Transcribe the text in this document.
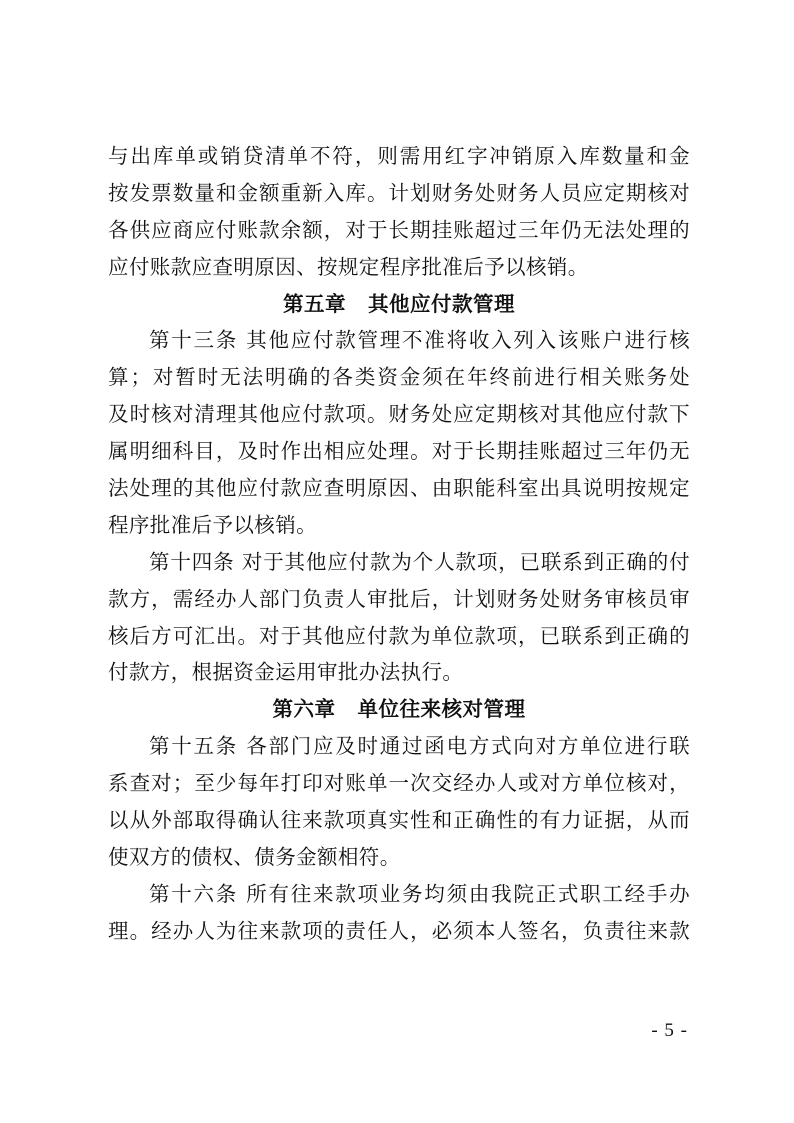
与出库单或销贷清单不符，则需用红字冲销原入库数量和金
按发票数量和金额重新入库。计划财务处财务人员应定期核对
各供应商应付账款余额，对于长期挂账超过三年仍无法处理的
应付账款应查明原因、按规定程序批准后予以核销。
第五章 其他应付款管理
第十三条 其他应付款管理不准将收入列入该账户进行核
算；对暂时无法明确的各类资金须在年终前进行相关账务处
及时核对清理其他应付款项。财务处应定期核对其他应付款下
属明细科目，及时作出相应处理。对于长期挂账超过三年仍无
法处理的其他应付款应查明原因、由职能科室出具说明按规定
程序批准后予以核销。
第十四条 对于其他应付款为个人款项，已联系到正确的付
款方，需经办人部门负责人审批后，计划财务处财务审核员审
核后方可汇出。对于其他应付款为单位款项，已联系到正确的
付款方，根据资金运用审批办法执行。
第六章 单位往来核对管理
第十五条 各部门应及时通过函电方式向对方单位进行联
系查对；至少每年打印对账单一次交经办人或对方单位核对，
以从外部取得确认往来款项真实性和正确性的有力证据，从而
使双方的债权、债务金额相符。
第十六条 所有往来款项业务均须由我院正式职工经手办
理。经办人为往来款项的责任人，必须本人签名，负责往来款
- 5 -
